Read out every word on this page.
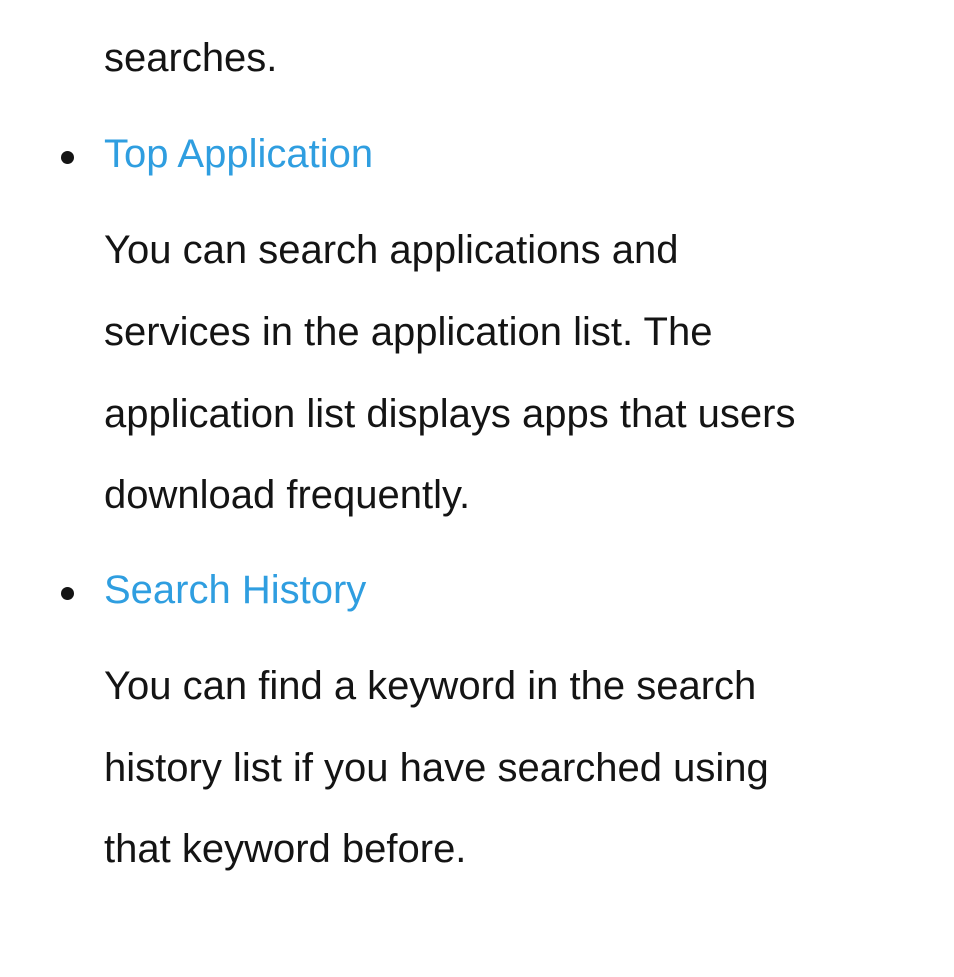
searches.

Top Application

You can search applications and

services in the application list. The

application list displays apps that users

download frequently.

Search History

You can find a keyword in the search

history list if you have searched using

that keyword before.
